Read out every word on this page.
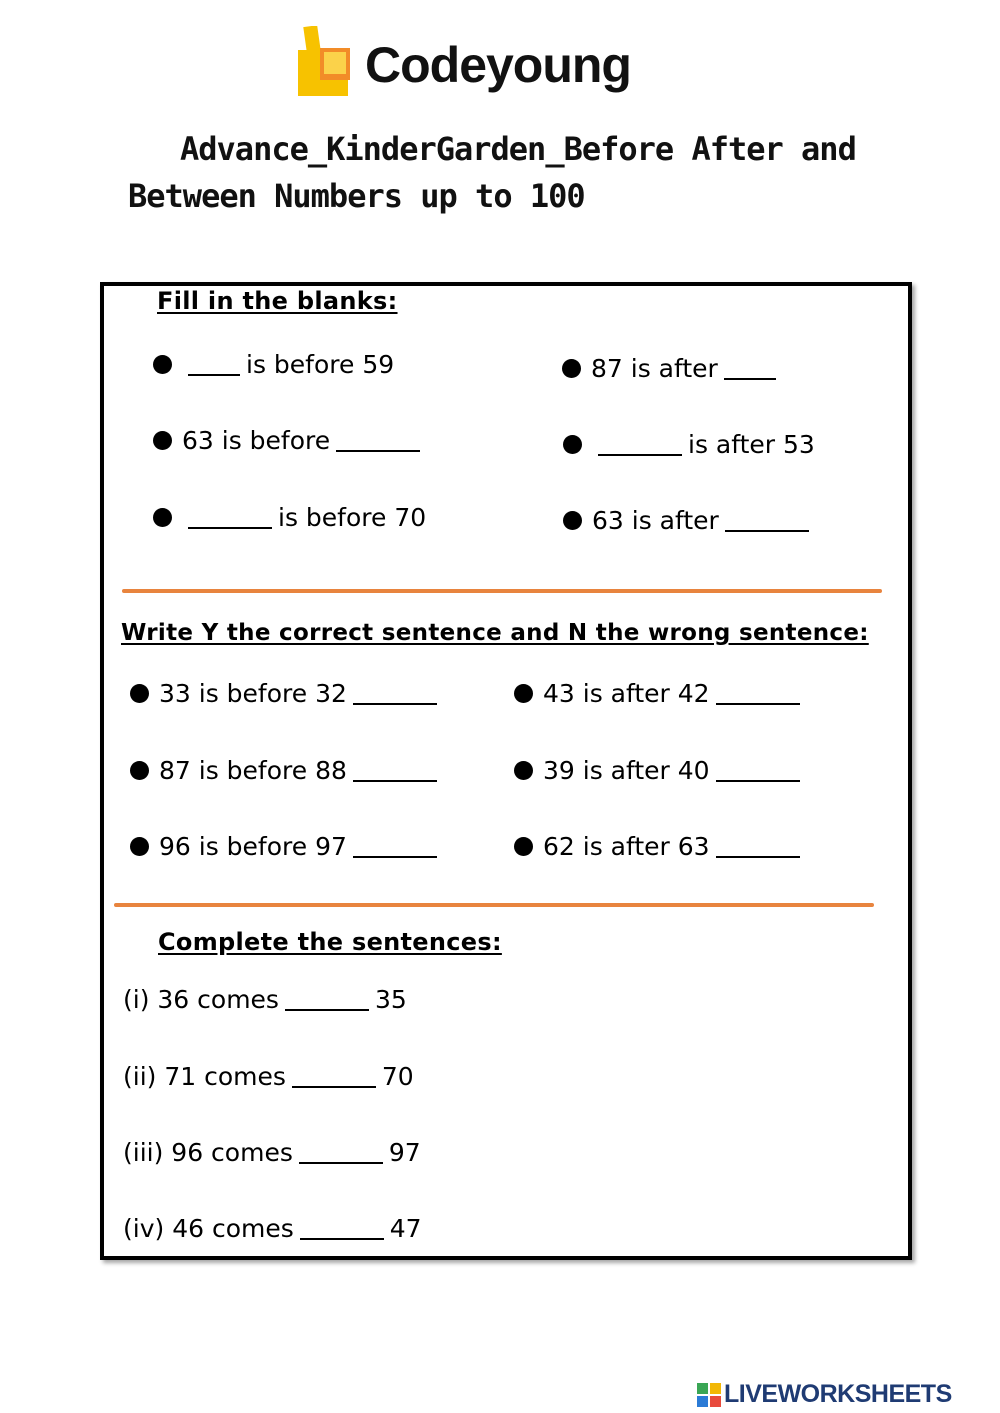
Codeyoung
Advance_KinderGarden_Before After and
Between Numbers up to 100
Fill in the blanks:
is before 59	87 is after
63 is before	is after 53
is before 70	63 is after
Write Y the correct sentence and N the wrong sentence:
33 is before 32	43 is after 42
87 is before 88	39 is after 40
96 is before 97	62 is after 63
Complete the sentences:
(i) 36 comes	35
(ii) 71 comes	70
(iii) 96 comes	97
(iv) 46 comes	47
LIVEWORKSHEETS
